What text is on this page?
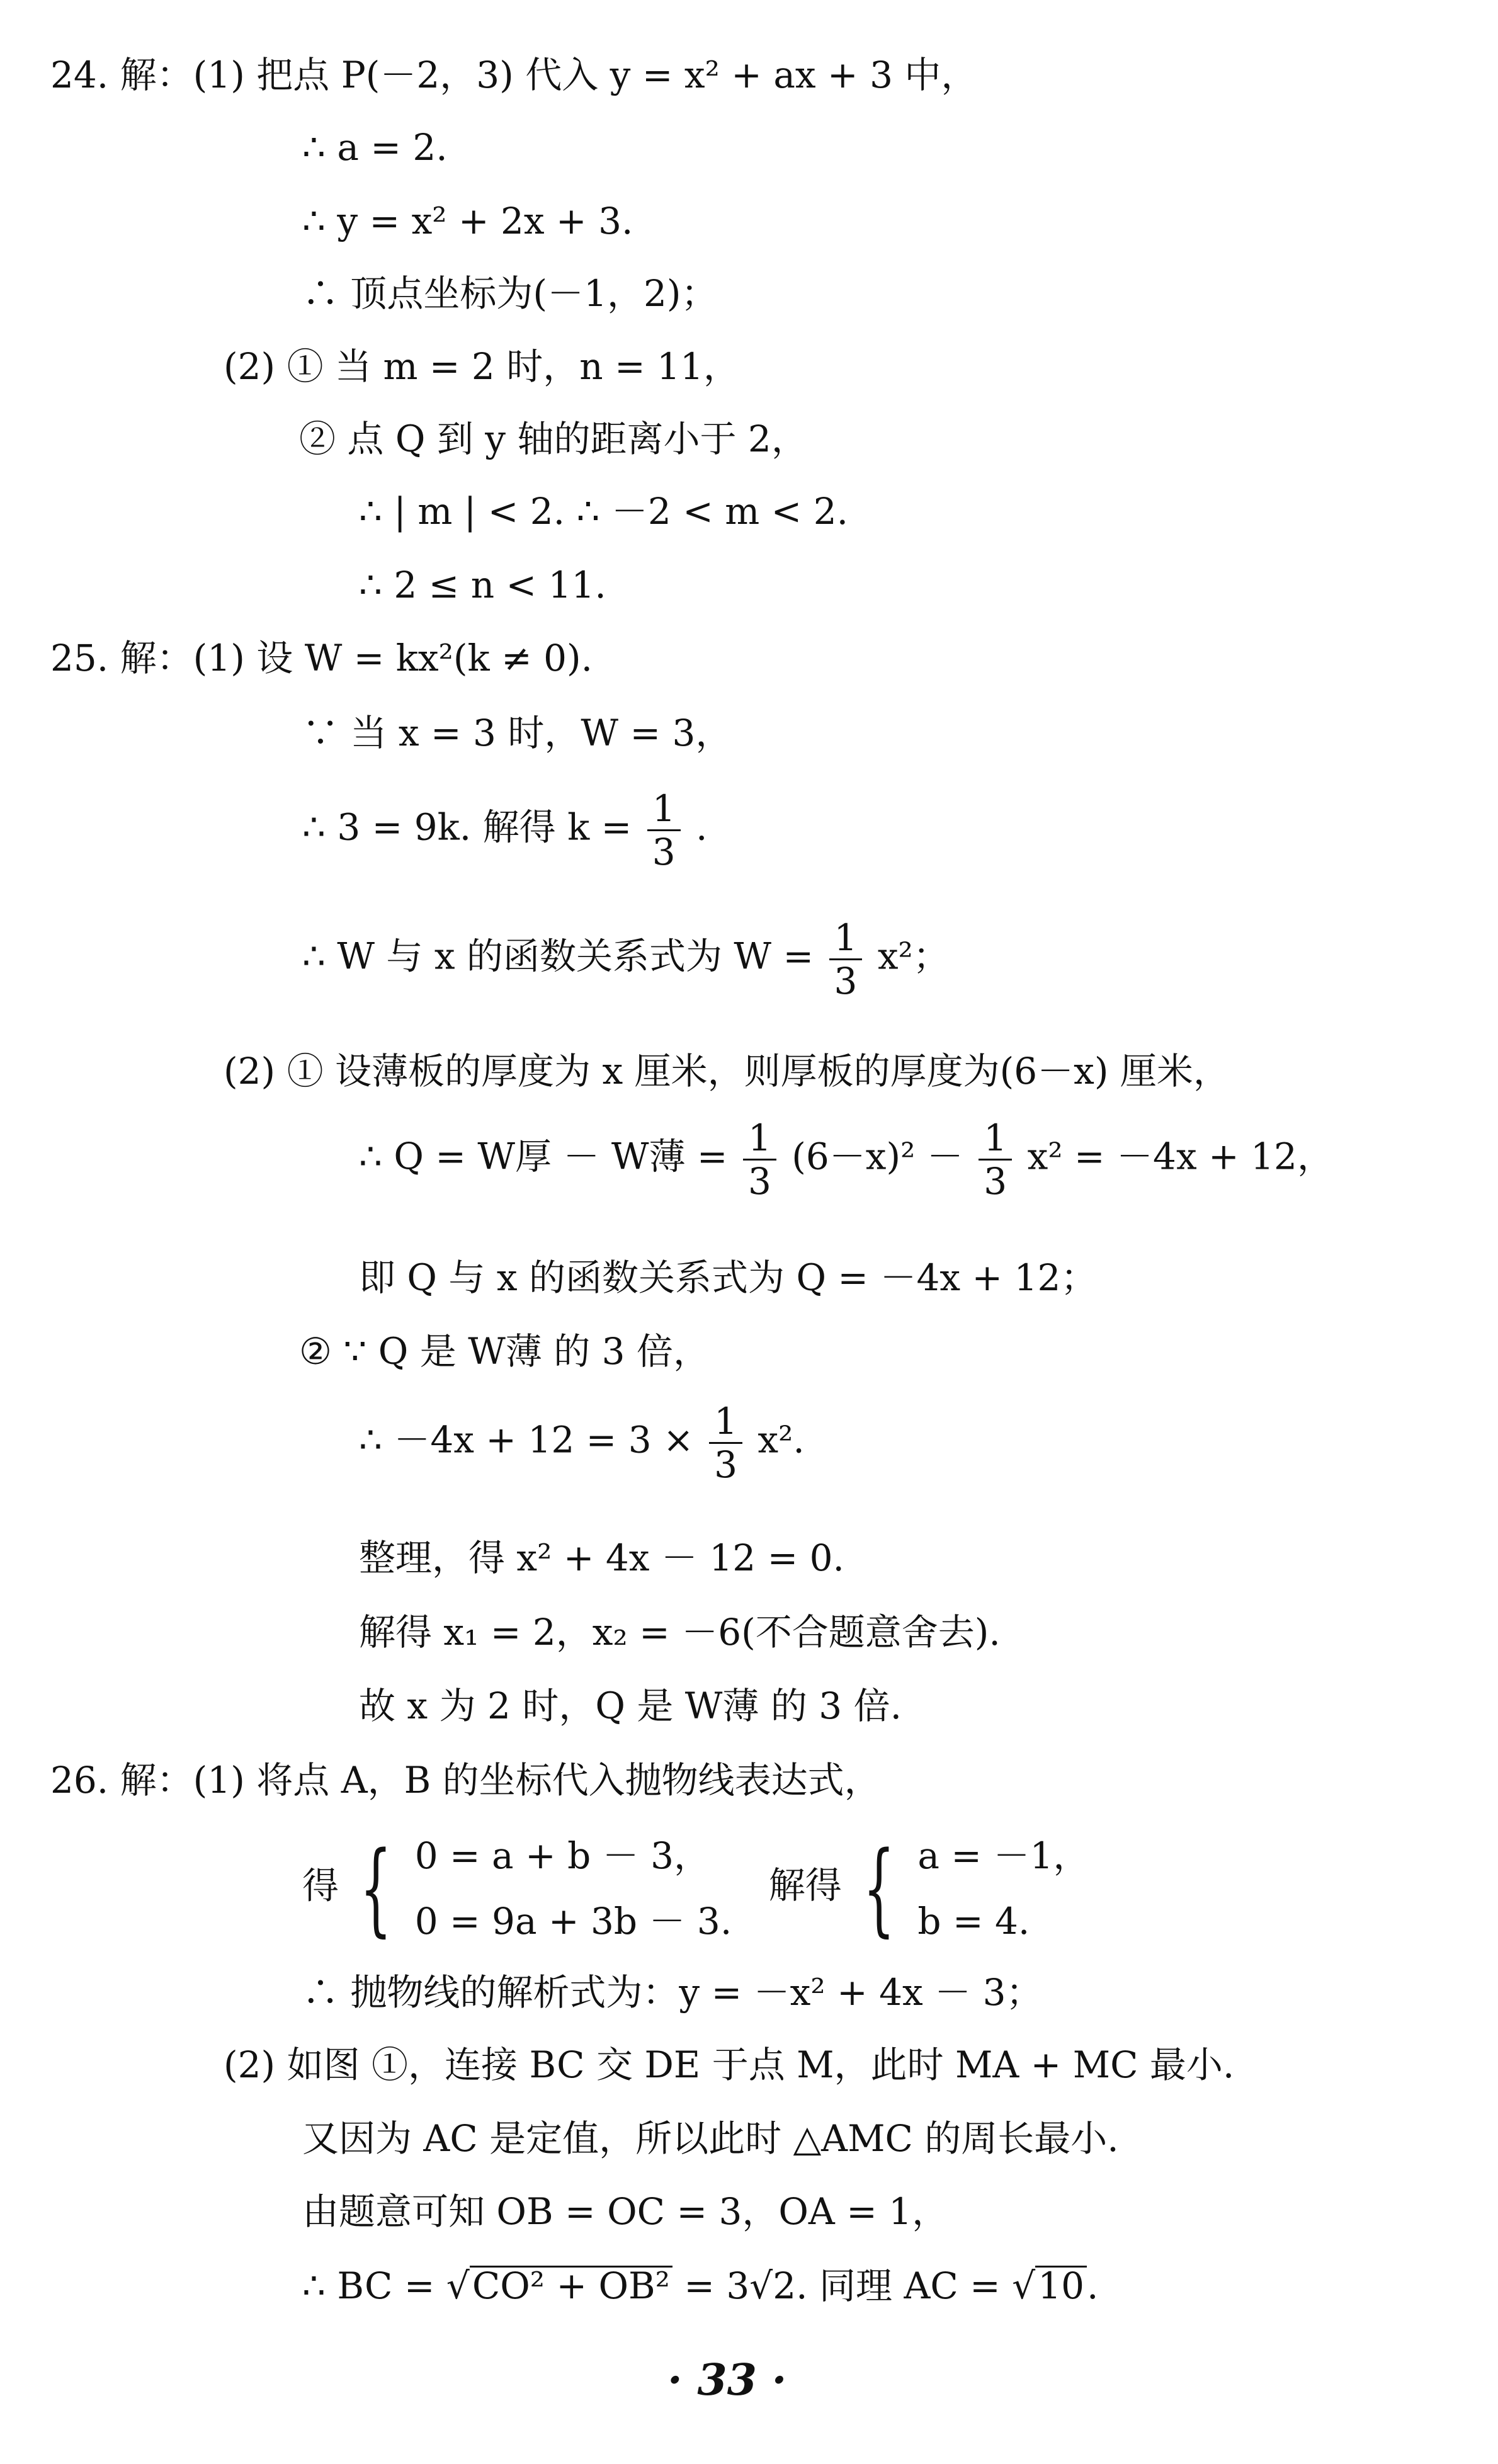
24. 解：(1) 把点 P(－2，3) 代入 y = x² + ax + 3 中，
∴ a = 2.
∴ y = x² + 2x + 3.
∴ 顶点坐标为(－1，2)；
(2) ① 当 m = 2 时，n = 11，
② 点 Q 到 y 轴的距离小于 2，
∴ | m | < 2. ∴ －2 < m < 2.
∴ 2 ≤ n < 11.
25. 解：(1) 设 W = kx²(k ≠ 0).
∵ 当 x = 3 时，W = 3，
∴ 3 = 9k. 解得 $k = \frac{1}{3}$ .
∴ W 与 x 的函数关系式为 $W = \frac{1}{3} x^2$；
(2) ① 设薄板的厚度为 x 厘米，则厚板的厚度为(6－x) 厘米，
∴ Q = W厚 － W薄 = $\frac{1}{3} (6-x)^2 - \frac{1}{3} x^2 = -4x + 12$，
即 Q 与 x 的函数关系式为 Q = －4x + 12；
② ∵ Q 是 W薄 的 3 倍，
∴ $-4x + 12 = 3 \times \frac{1}{3} x^2$.
整理，得 x² + 4x － 12 = 0.
解得 x₁ = 2，x₂ = －6(不合题意舍去).
故 x 为 2 时，Q 是 W薄 的 3 倍.
26. 解：(1) 将点 A，B 的坐标代入抛物线表达式，
得 { 0 = a + b － 3，
0 = 9a + 3b － 3.
解得 { a = －1，
b = 4.
∴ 抛物线的解析式为：y = －x² + 4x － 3；
(2) 如图 ①，连接 BC 交 DE 于点 M，此时 MA + MC 最小.
又因为 AC 是定值，所以此时 △AMC 的周长最小.
由题意可知 OB = OC = 3，OA = 1，
∴ BC = √CO² + OB² = 3√2. 同理 AC = √10.
· 33 ·
